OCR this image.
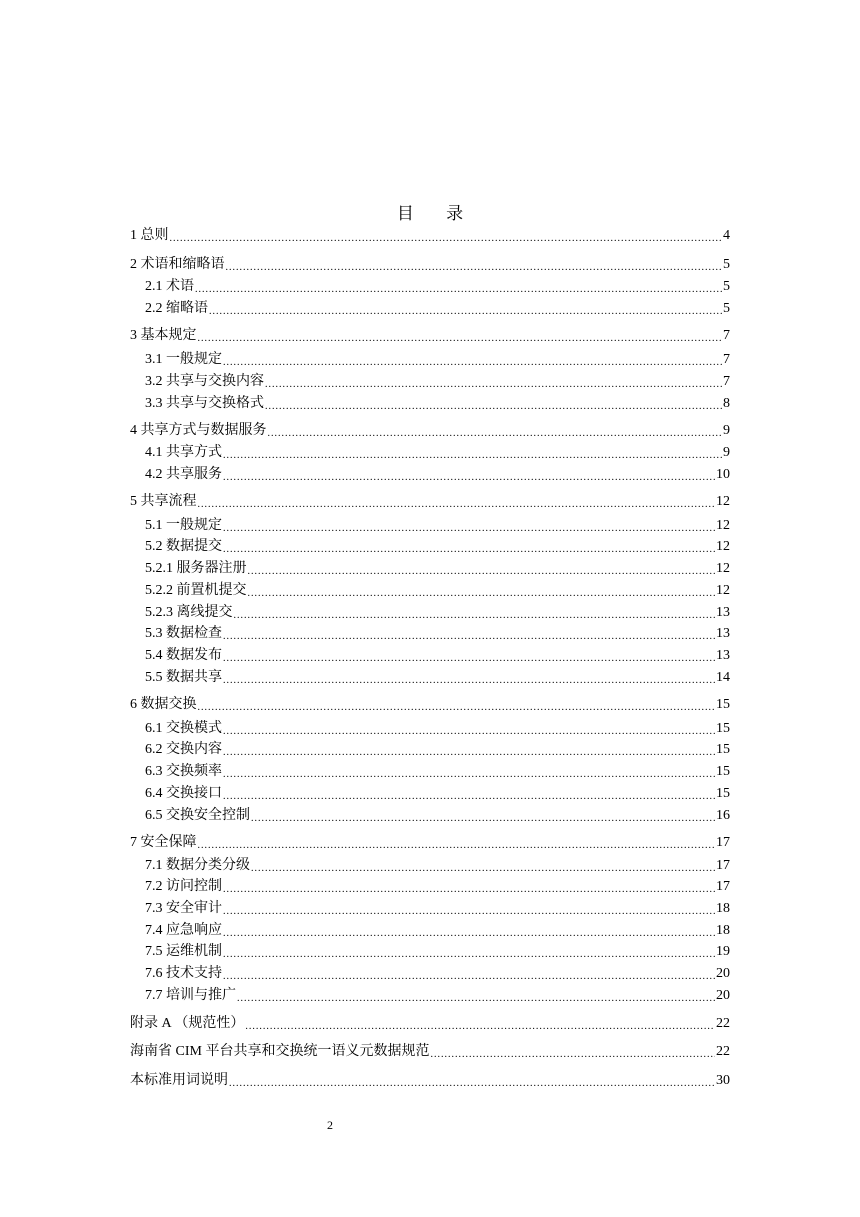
目 录
1 总则 .....	4
2 术语和缩略语 .....	5
2.1 术语 .....	5
2.2 缩略语 .....	5
3 基本规定 .....	7
3.1 一般规定 .....	7
3.2 共享与交换内容 .....	7
3.3 共享与交换格式 .....	8
4 共享方式与数据服务 .....	9
4.1 共享方式 .....	9
4.2 共享服务 .....	10
5 共享流程 .....	12
5.1 一般规定 .....	12
5.2 数据提交 .....	12
5.2.1 服务器注册 .....	12
5.2.2 前置机提交 .....	12
5.2.3 离线提交 .....	13
5.3 数据检查 .....	13
5.4 数据发布 .....	13
5.5 数据共享 .....	14
6 数据交换 .....	15
6.1 交换模式 .....	15
6.2 交换内容 .....	15
6.3 交换频率 .....	15
6.4 交换接口 .....	15
6.5 交换安全控制 .....	16
7 安全保障 .....	17
7.1 数据分类分级 .....	17
7.2 访问控制 .....	17
7.3 安全审计 .....	18
7.4 应急响应 .....	18
7.5 运维机制 .....	19
7.6 技术支持 .....	20
7.7 培训与推广 .....	20
附录 A （规范性） .....	22
海南省 CIM 平台共享和交换统一语义元数据规范 .....	22
本标准用词说明 .....	30
2
